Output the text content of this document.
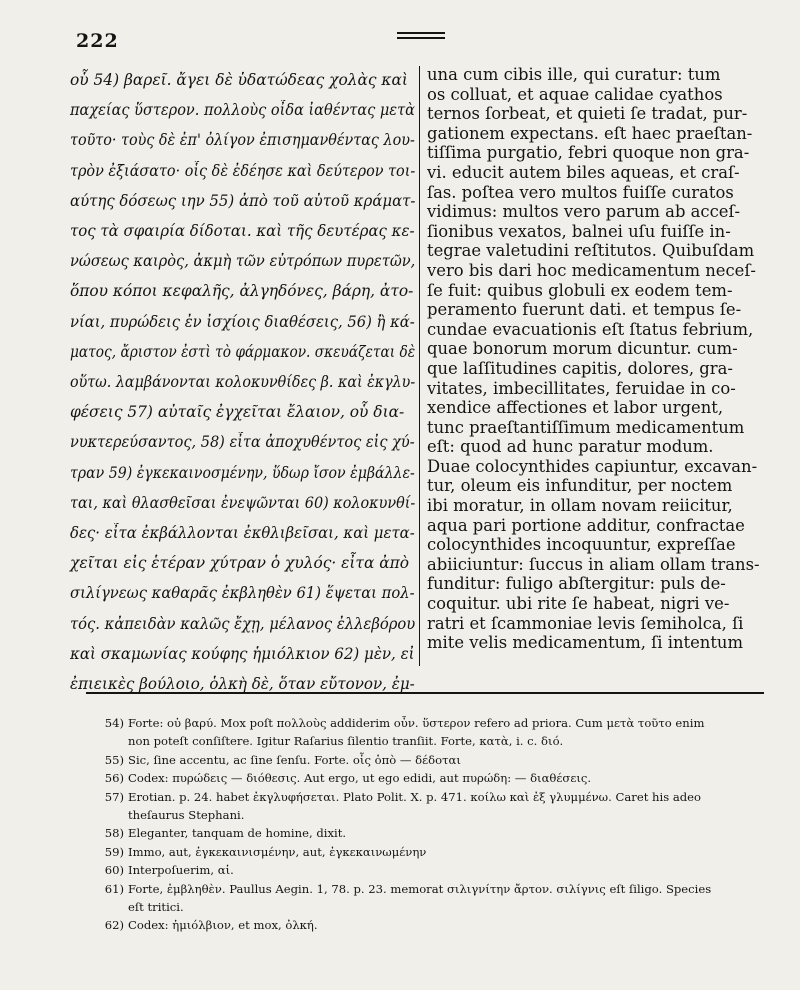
222
οὗ 54) βαρεῖ. ἄγει δὲ ὑδατώδεας χολὰς καὶ
παχείας ὕστερον. πολλοὺς οἶδα ἰαθέντας μετὰ
τοῦτο· τοὺς δὲ ἐπ' ὀλίγον ἐπισημανθέντας λου-
τρὸν ἐξιάσατο· οἷς δὲ ἐδέησε καὶ δεύτερον τοι-
αύτης δόσεως ιην 55) ἀπὸ τοῦ αὐτοῦ κράματ-
τος τὰ σφαιρία δίδοται. καὶ τῆς δευτέρας κε-
νώσεως καιρὸς, ἀκμὴ τῶν εὐτρόπων πυρετῶν,
ὅπου κόποι κεφαλῆς, ἀλγηδόνες, βάρη, ἀτο-
νίαι, πυρώδεις ἐν ἰσχίοις διαθέσεις, 56) ἢ κά-
ματος, ἄριστον ἐστὶ τὸ φάρμακον. σκευάζεται δὲ
οὕτω. λαμβάνονται κολοκυνθίδες β. καὶ ἐκγλυ-
φέσεις 57) αὐταῖς ἐγχεῖται ἔλαιον, οὗ δια-
νυκτερεύσαντος, 58) εἶτα ἀποχυθέντος εἰς χύ-
τραν 59) ἐγκεκαινοσμένην, ὕδωρ ἴσον ἐμβάλλε-
ται, καὶ θλασθεῖσαι ἐνεψῶνται 60) κολοκυνθί-
δες· εἶτα ἐκβάλλονται ἐκθλιβεῖσαι, καὶ μετα-
χεῖται εἰς ἑτέραν χύτραν ὁ χυλός· εἶτα ἀπὸ
σιλίγνεως καθαρᾶς ἐκβληθὲν 61) ἕψεται πολ-
τός. κἀπειδὰν καλῶς ἔχῃ, μέλανος ἐλλεβόρου
καὶ σκαμωνίας κούφης ἡμιόλκιον 62) μὲν, εἰ
ἐπιεικὲς βούλοιο, ὁλκὴ δὲ, ὅταν εὔτονον, ἐμ-
una cum cibis ille, qui curatur: tum
os colluat, et aquae calidae cyathos
ternos ſorbeat, et quieti ſe tradat, pur-
gationem expectans. eſt haec praeſtan-
tiſſima purgatio, febri quoque non gra-
vi. educit autem biles aqueas, et craſ-
ſas. poſtea vero multos fuiſſe curatos
vidimus: multos vero parum ab acceſ-
ſionibus vexatos, balnei uſu fuiſſe in-
tegrae valetudini reſtitutos. Quibuſdam
vero bis dari hoc medicamentum neceſ-
ſe fuit: quibus globuli ex eodem tem-
peramento fuerunt dati. et tempus ſe-
cundae evacuationis eſt ſtatus febrium,
quae bonorum morum dicuntur. cum-
que laſſitudines capitis, dolores, gra-
vitates, imbecillitates, feruidae in co-
xendice affectiones et labor urgent,
tunc praeſtantiſſimum medicamentum
eſt: quod ad hunc paratur modum.
Duae colocynthides capiuntur, excavan-
tur, oleum eis infunditur, per noctem
ibi moratur, in ollam novam reiicitur,
aqua pari portione additur, confractae
colocynthides incoquuntur, expreſſae
abiiciuntur: ſuccus in aliam ollam trans-
funditur: fuligo abſtergitur: puls de-
coquitur. ubi rite ſe habeat, nigri ve-
ratri et ſcammoniae levis ſemiholca, ſi
mite velis medicamentum, ſi intentum
54) Forte: οὐ βαρύ. Mox poſt πολλοὺς addiderim οὖν. ὕστερον refero ad priora. Cum μετὰ τοῦτο enim
non poteſt conſiſtere. Igitur Raſarius ſilentio tranſiit. Forte, κατὰ, i. c. διό.
55) Sic, ſine accentu, ac ſine ſenſu. Forte. οἷς ὁπὸ — δέδοται
56) Codex: πυρώδεις — διόθεσις. Aut ergo, ut ego edidi, aut πυρώδη: — διαθέσεις.
57) Erotian. p. 24. habet ἐκγλυφήσεται. Plato Polit. X. p. 471. κοίλω καὶ ἐξ γλυμμένω. Caret his adeo
theſaurus Stephani.
58) Eleganter, tanquam de homine, dixit.
59) Immo, aut, ἐγκεκαινισμένην, aut, ἐγκεκαινωμένην
60) Interpoſuerim, αἱ.
61) Forte, ἐμβληθὲν. Paullus Aegin. 1, 78. p. 23. memorat σιλιγνίτην ἄρτον. σιλίγνις eſt ſiligo. Species
eſt tritici.
62) Codex: ἡμιόλβιον, et mox, ὀλκή.
